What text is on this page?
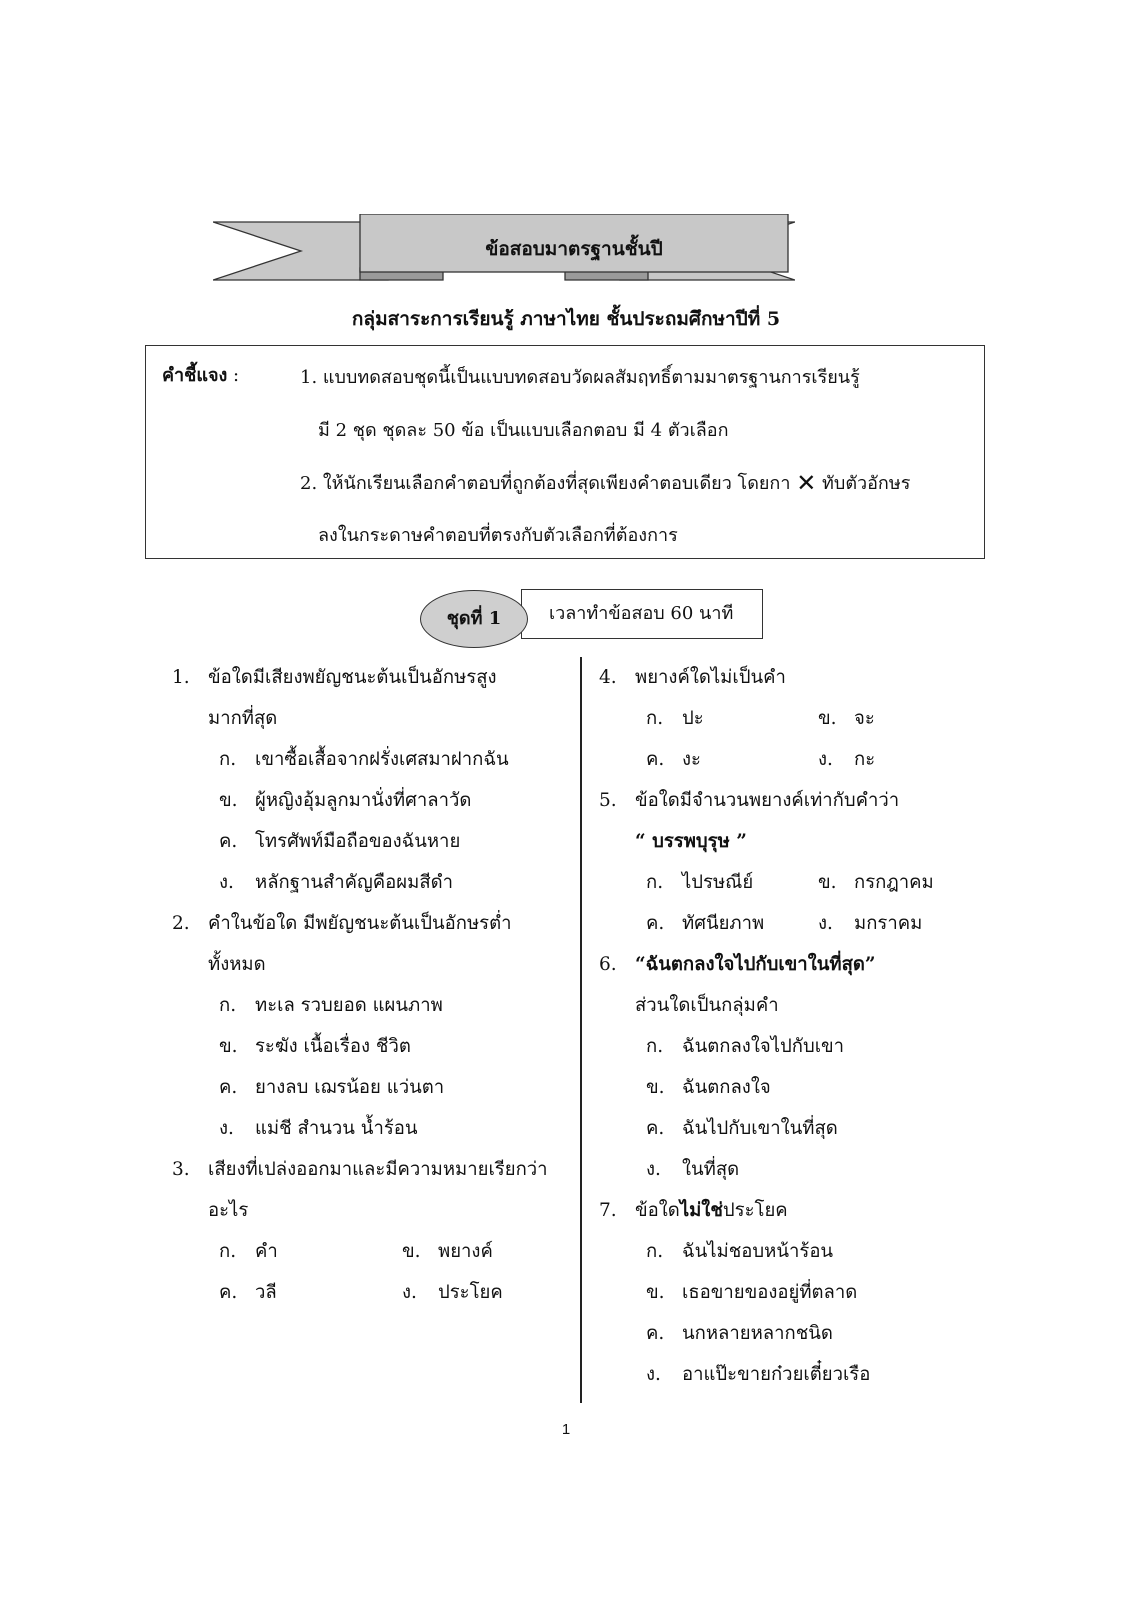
ข้อสอบมาตรฐานชั้นปี
กลุ่มสาระการเรียนรู้ ภาษาไทย ชั้นประถมศึกษาปีที่ 5
คำชี้แจง :	1. แบบทดสอบชุดนี้เป็นแบบทดสอบวัดผลสัมฤทธิ์ตามมาตรฐานการเรียนรู้
มี 2 ชุด ชุดละ 50 ข้อ เป็นแบบเลือกตอบ มี 4 ตัวเลือก
2. ให้นักเรียนเลือกคำตอบที่ถูกต้องที่สุดเพียงคำตอบเดียว โดยกา ✕ ทับตัวอักษร
ลงในกระดาษคำตอบที่ตรงกับตัวเลือกที่ต้องการ
เวลาทำข้อสอบ 60 นาที
ชุดที่ 1
1. ข้อใดมีเสียงพยัญชนะต้นเป็นอักษรสูง
มากที่สุด
ก. เขาซื้อเสื้อจากฝรั่งเศสมาฝากฉัน
ข. ผู้หญิงอุ้มลูกมานั่งที่ศาลาวัด
ค. โทรศัพท์มือถือของฉันหาย
ง. หลักฐานสำคัญคือผมสีดำ
2. คำในข้อใด มีพยัญชนะต้นเป็นอักษรต่ำ
ทั้งหมด
ก. ทะเล รวบยอด แผนภาพ
ข. ระฆัง เนื้อเรื่อง ชีวิต
ค. ยางลบ เฌรน้อย แว่นตา
ง. แม่ชี สำนวน น้ำร้อน
3. เสียงที่เปล่งออกมาและมีความหมายเรียกว่า
อะไร
ก. คำ	ข. พยางค์
ค. วลี	ง. ประโยค
4. พยางค์ใดไม่เป็นคำ
ก. ปะ	ข. จะ
ค. งะ	ง. กะ
5. ข้อใดมีจำนวนพยางค์เท่ากับคำว่า
“ บรรพบุรุษ ”
ก. ไปรษณีย์	ข. กรกฎาคม
ค. ทัศนียภาพ	ง. มกราคม
6. “ฉันตกลงใจไปกับเขาในที่สุด”
ส่วนใดเป็นกลุ่มคำ
ก. ฉันตกลงใจไปกับเขา
ข. ฉันตกลงใจ
ค. ฉันไปกับเขาในที่สุด
ง. ในที่สุด
7. ข้อใดไม่ใช่ประโยค
ก. ฉันไม่ชอบหน้าร้อน
ข. เธอขายของอยู่ที่ตลาด
ค. นกหลายหลากชนิด
ง. อาแป๊ะขายก๋วยเตี๋ยวเรือ
1
